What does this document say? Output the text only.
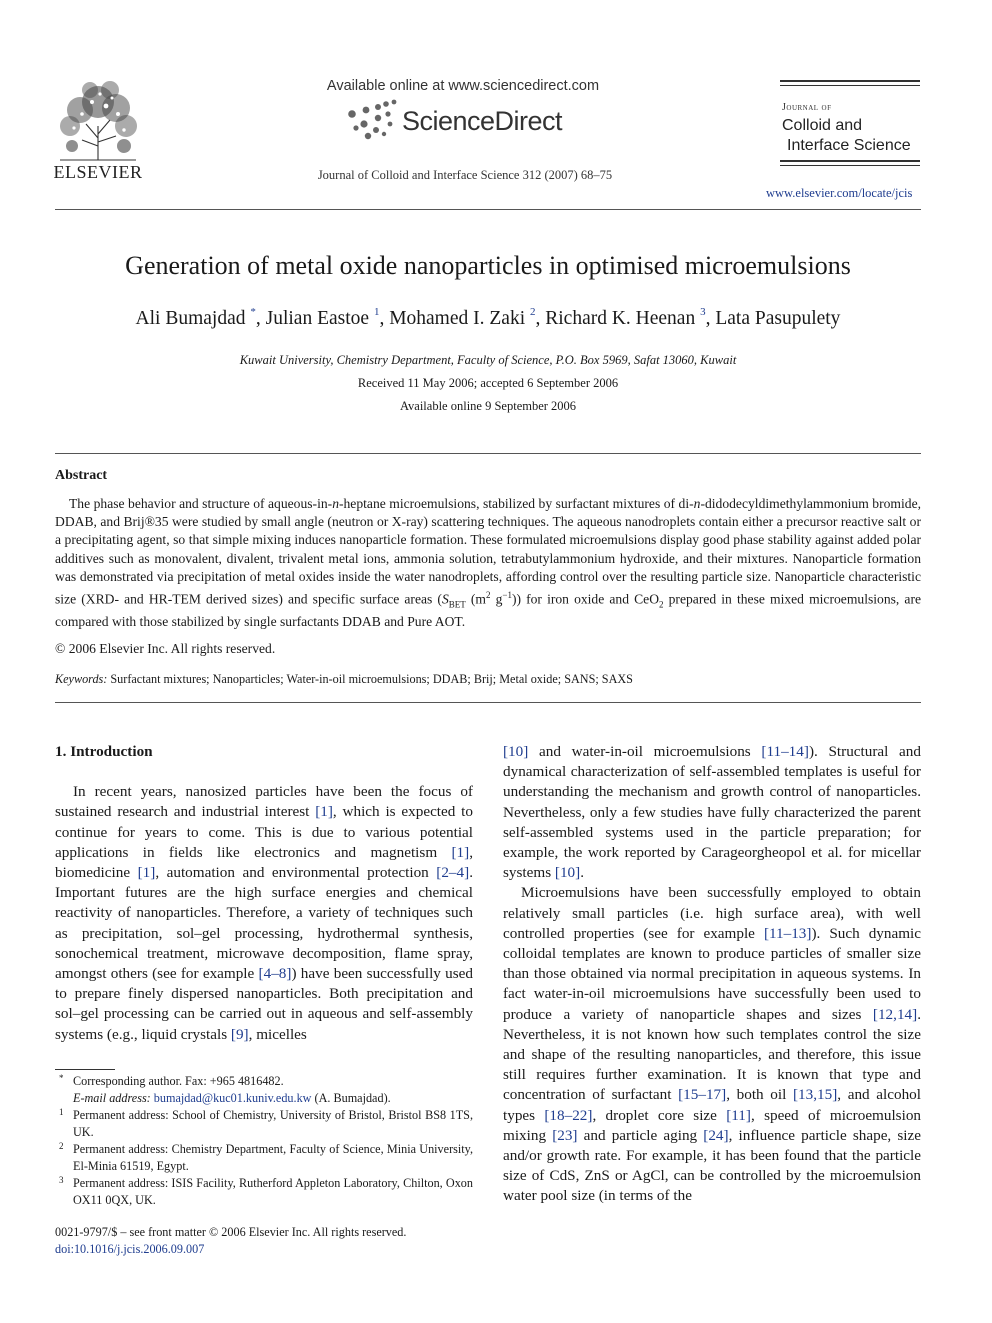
ELSEVIER
Available online at www.sciencedirect.com
ScienceDirect
Journal of Colloid and Interface Science 312 (2007) 68–75
Journal of
Colloid and
Interface Science
www.elsevier.com/locate/jcis
Generation of metal oxide nanoparticles in optimised microemulsions
Ali Bumajdad *, Julian Eastoe $^1$, Mohamed I. Zaki $^2$, Richard K. Heenan $^3$, Lata Pasupulety
Kuwait University, Chemistry Department, Faculty of Science, P.O. Box 5969, Safat 13060, Kuwait
Received 11 May 2006; accepted 6 September 2006
Available online 9 September 2006
Abstract
The phase behavior and structure of aqueous-in-n-heptane microemulsions, stabilized by surfactant mixtures of di-n-didodecyldimethylammonium bromide, DDAB, and Brij®35 were studied by small angle (neutron or X-ray) scattering techniques. The aqueous nanodroplets contain either a precursor reactive salt or a precipitating agent, so that simple mixing induces nanoparticle formation. These formulated microemulsions display good phase stability against added polar additives such as monovalent, divalent, trivalent metal ions, ammonia solution, tetrabutylammonium hydroxide, and their mixtures. Nanoparticle formation was demonstrated via precipitation of metal oxides inside the water nanodroplets, affording control over the resulting particle size. Nanoparticle characteristic size (XRD- and HR-TEM derived sizes) and specific surface areas ($S_{BET}$ ($m^2$ $g^{-1}$)) for iron oxide and CeO$_2$ prepared in these mixed microemulsions, are compared with those stabilized by single surfactants DDAB and Pure AOT.
© 2006 Elsevier Inc. All rights reserved.
Keywords: Surfactant mixtures; Nanoparticles; Water-in-oil microemulsions; DDAB; Brij; Metal oxide; SANS; SAXS
1. Introduction
In recent years, nanosized particles have been the focus of sustained research and industrial interest [1], which is expected to continue for years to come. This is due to various potential applications in fields like electronics and magnetism [1], biomedicine [1], automation and environmental protection [2–4]. Important futures are the high surface energies and chemical reactivity of nanoparticles. Therefore, a variety of techniques such as precipitation, sol–gel processing, hydrothermal synthesis, sonochemical treatment, microwave decomposition, flame spray, amongst others (see for example [4–8]) have been successfully used to prepare finely dispersed nanoparticles. Both precipitation and sol–gel processing can be carried out in aqueous and self-assembly systems (e.g., liquid crystals [9], micelles
[10] and water-in-oil microemulsions [11–14]). Structural and dynamical characterization of self-assembled templates is useful for understanding the mechanism and growth control of nanoparticles. Nevertheless, only a few studies have fully characterized the parent self-assembled systems used in the particle preparation; for example, the work reported by Carageorgheopol et al. for micellar systems [10].
Microemulsions have been successfully employed to obtain relatively small particles (i.e. high surface area), with well controlled properties (see for example [11–13]). Such dynamic colloidal templates are known to produce particles of smaller size than those obtained via normal precipitation in aqueous systems. In fact water-in-oil microemulsions have successfully been used to produce a variety of nanoparticle shapes and sizes [12,14]. Nevertheless, it is not known how such templates control the size and shape of the resulting nanoparticles, and therefore, this issue still requires further examination. It is known that type and concentration of surfactant [15–17], both oil [13,15], and alcohol types [18–22], droplet core size [11], speed of microemulsion mixing [23] and particle aging [24], influence particle shape, size and/or growth rate. For example, it has been found that the particle size of CdS, ZnS or AgCl, can be controlled by the microemulsion water pool size (in terms of the
* Corresponding author. Fax: +965 4816482.
E-mail address: bumajdad@kuc01.kuniv.edu.kw (A. Bumajdad).
1 Permanent address: School of Chemistry, University of Bristol, Bristol BS8 1TS, UK.
2 Permanent address: Chemistry Department, Faculty of Science, Minia University, El-Minia 61519, Egypt.
3 Permanent address: ISIS Facility, Rutherford Appleton Laboratory, Chilton, Oxon OX11 0QX, UK.
0021-9797/$ – see front matter © 2006 Elsevier Inc. All rights reserved.
doi:10.1016/j.jcis.2006.09.007
